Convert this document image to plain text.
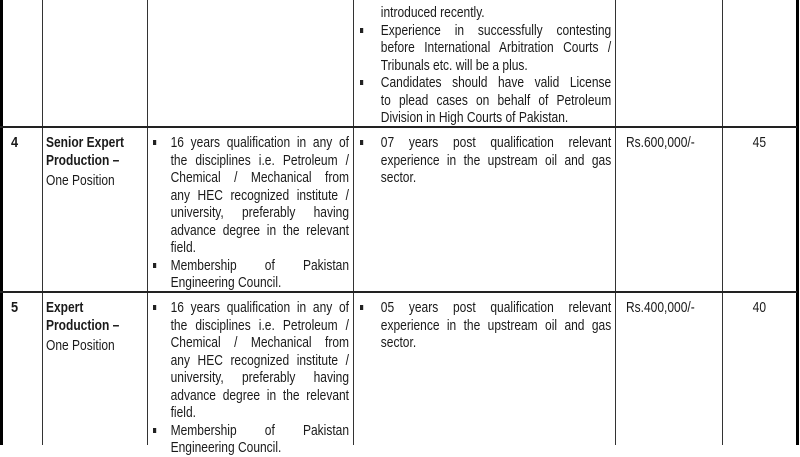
introduced recently.
Experience in successfully contesting
before International Arbitration Courts /
Tribunals etc. will be a plus.
Candidates should have valid License
to plead cases on behalf of Petroleum
Division in High Courts of Pakistan.
4 Senior Expert
Production –
One Position
16 years qualification in any of
the disciplines i.e. Petroleum /
Chemical / Mechanical from
any HEC recognized institute /
university, preferably having
advance degree in the relevant
field.
Membership of Pakistan
Engineering Council.
07 years post qualification relevant
experience in the upstream oil and gas
sector.
Rs.600,000/-	45
5 Expert
Production –
One Position
16 years qualification in any of
the disciplines i.e. Petroleum /
Chemical / Mechanical from
any HEC recognized institute /
university, preferably having
advance degree in the relevant
field.
Membership of Pakistan
Engineering Council.
05 years post qualification relevant
experience in the upstream oil and gas
sector.
Rs.400,000/-	40
